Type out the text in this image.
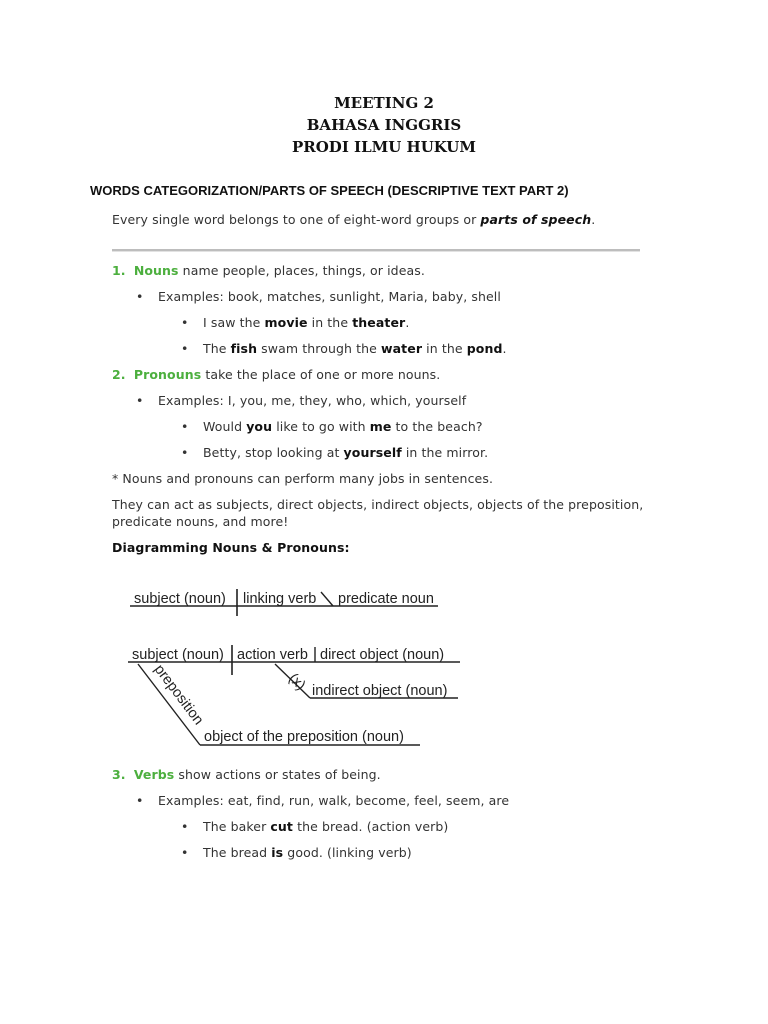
MEETING 2

BAHASA INGGRIS

PRODI ILMU HUKUM

WORDS CATEGORIZATION/PARTS OF SPEECH (DESCRIPTIVE TEXT PART 2)

Every single word belongs to one of eight-word groups or parts of speech.

1. Nouns name people, places, things, or ideas.

• Examples: book, matches, sunlight, Maria, baby, shell

• I saw the movie in the theater.

• The fish swam through the water in the pond.

2. Pronouns take the place of one or more nouns.

• Examples: I, you, me, they, who, which, yourself

• Would you like to go with me to the beach?

• Betty, stop looking at yourself in the mirror.

* Nouns and pronouns can perform many jobs in sentences.

They can act as subjects, direct objects, indirect objects, objects of the preposition,

predicate nouns, and more!

Diagramming Nouns & Pronouns:

subject (noun) linking verb predicate noun
subject (noun) action verb direct object (noun)
(x) indirect object (noun)
preposition
object of the preposition (noun)

3. Verbs show actions or states of being.

• Examples: eat, find, run, walk, become, feel, seem, are

• The baker cut the bread. (action verb)

• The bread is good. (linking verb)
